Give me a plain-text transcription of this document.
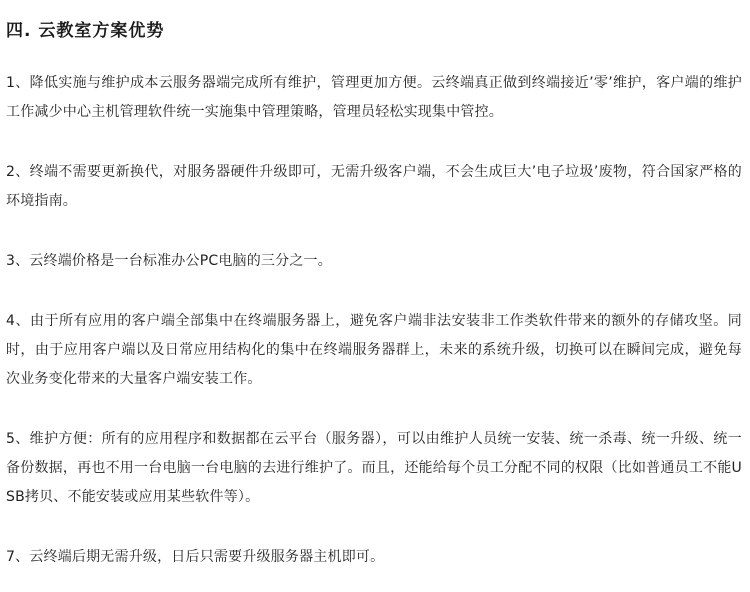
四. 云教室方案优势

1、降低实施与维护成本云服务器端完成所有维护，管理更加方便。云终端真正做到终端接近’零’维护，客户端的维护工作减少中心主机管理软件统一实施集中管理策略，管理员轻松实现集中管控。

2、终端不需要更新换代，对服务器硬件升级即可，无需升级客户端，不会生成巨大’电子垃圾’废物，符合国家严格的环境指南。

3、云终端价格是一台标准办公PC电脑的三分之一。

4、由于所有应用的客户端全部集中在终端服务器上，避免客户端非法安装非工作类软件带来的额外的存储攻坚。同时，由于应用客户端以及日常应用结构化的集中在终端服务器群上，未来的系统升级，切换可以在瞬间完成，避免每次业务变化带来的大量客户端安装工作。

5、维护方便：所有的应用程序和数据都在云平台（服务器），可以由维护人员统一安装、统一杀毒、统一升级、统一备份数据，再也不用一台电脑一台电脑的去进行维护了。而且，还能给每个员工分配不同的权限（比如普通员工不能USB拷贝、不能安装或应用某些软件等）。

7、云终端后期无需升级，日后只需要升级服务器主机即可。
